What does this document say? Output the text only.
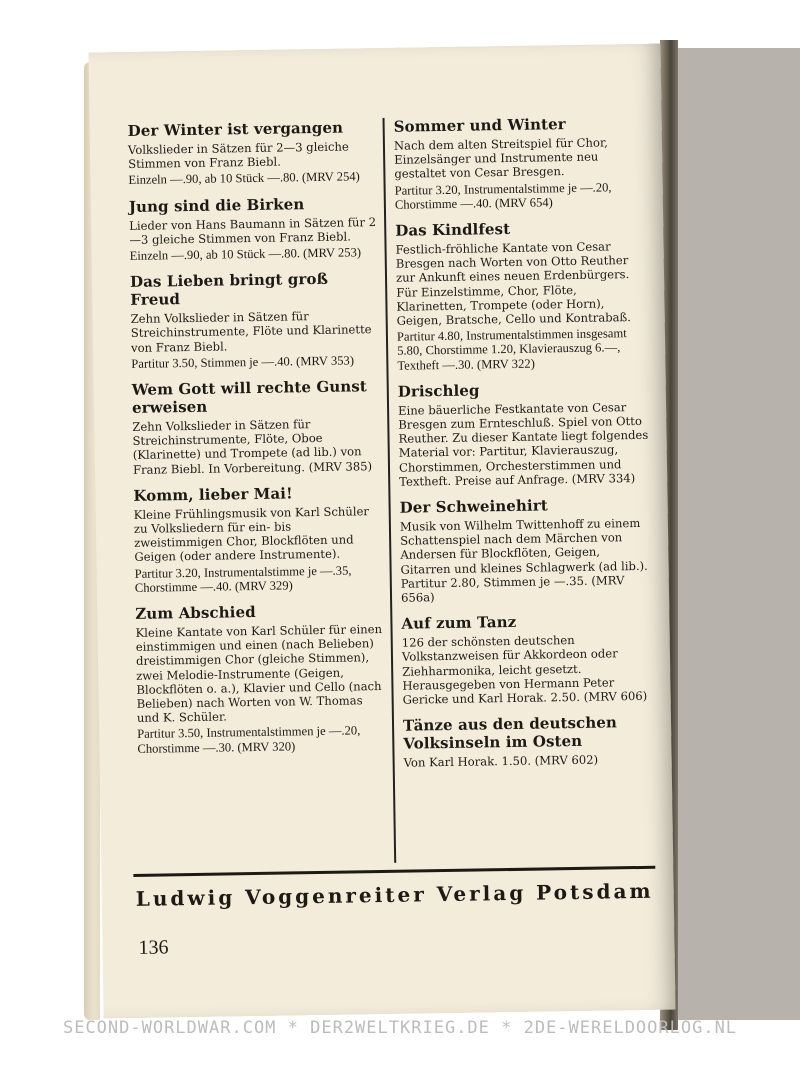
Der Winter ist vergangen

Volkslieder in Sätzen für 2—3 gleiche Stimmen von Franz Biebl.

Einzeln —.90, ab 10 Stück —.80. (MRV 254)

Jung sind die Birken

Lieder von Hans Baumann in Sätzen für 2—3 gleiche Stimmen von Franz Biebl.

Einzeln —.90, ab 10 Stück —.80. (MRV 253)

Das Lieben bringt groß Freud

Zehn Volkslieder in Sätzen für Streichinstrumente, Flöte und Klarinette von Franz Biebl.

Partitur 3.50, Stimmen je —.40. (MRV 353)

Wem Gott will rechte Gunst erweisen

Zehn Volkslieder in Sätzen für Streichinstrumente, Flöte, Oboe (Klarinette) und Trompete (ad lib.) von Franz Biebl. In Vorbereitung. (MRV 385)

Komm, lieber Mai!

Kleine Frühlingsmusik von Karl Schüler zu Volksliedern für ein- bis zweistimmigen Chor, Blockflöten und Geigen (oder andere Instrumente).

Partitur 3.20, Instrumentalstimme je —.35, Chorstimme —.40. (MRV 329)

Zum Abschied

Kleine Kantate von Karl Schüler für einen einstimmigen und einen (nach Belieben) dreistimmigen Chor (gleiche Stimmen), zwei Melodie-Instrumente (Geigen, Blockflöten o. a.), Klavier und Cello (nach Belieben) nach Worten von W. Thomas und K. Schüler.

Partitur 3.50, Instrumentalstimmen je —.20, Chorstimme —.30. (MRV 320)

Sommer und Winter

Nach dem alten Streitspiel für Chor, Einzelsänger und Instrumente neu gestaltet von Cesar Bresgen.

Partitur 3.20, Instrumentalstimme je —.20, Chorstimme —.40. (MRV 654)

Das Kindlfest

Festlich-fröhliche Kantate von Cesar Bresgen nach Worten von Otto Reuther zur Ankunft eines neuen Erdenbürgers. Für Einzelstimme, Chor, Flöte, Klarinetten, Trompete (oder Horn), Geigen, Bratsche, Cello und Kontrabaß.

Partitur 4.80, Instrumentalstimmen insgesamt 5.80, Chorstimme 1.20, Klavierauszug 6.—, Textheft —.30. (MRV 322)

Drischleg

Eine bäuerliche Festkantate von Cesar Bresgen zum Ernteschluß. Spiel von Otto Reuther. Zu dieser Kantate liegt folgendes Material vor: Partitur, Klavierauszug, Chorstimmen, Orchesterstimmen und Textheft. Preise auf Anfrage. (MRV 334)

Der Schweinehirt

Musik von Wilhelm Twittenhoff zu einem Schattenspiel nach dem Märchen von Andersen für Blockflöten, Geigen, Gitarren und kleines Schlagwerk (ad lib.). Partitur 2.80, Stimmen je —.35. (MRV 656a)

Auf zum Tanz

126 der schönsten deutschen Volkstanzweisen für Akkordeon oder Ziehharmonika, leicht gesetzt. Herausgegeben von Hermann Peter Gericke und Karl Horak. 2.50. (MRV 606)

Tänze aus den deutschen Volksinseln im Osten

Von Karl Horak. 1.50. (MRV 602)

Ludwig Voggenreiter Verlag Potsdam
136
SECOND-WORLDWAR.COM * DER2WELTKRIEG.DE * 2DE-WERELDOORLOG.NL
